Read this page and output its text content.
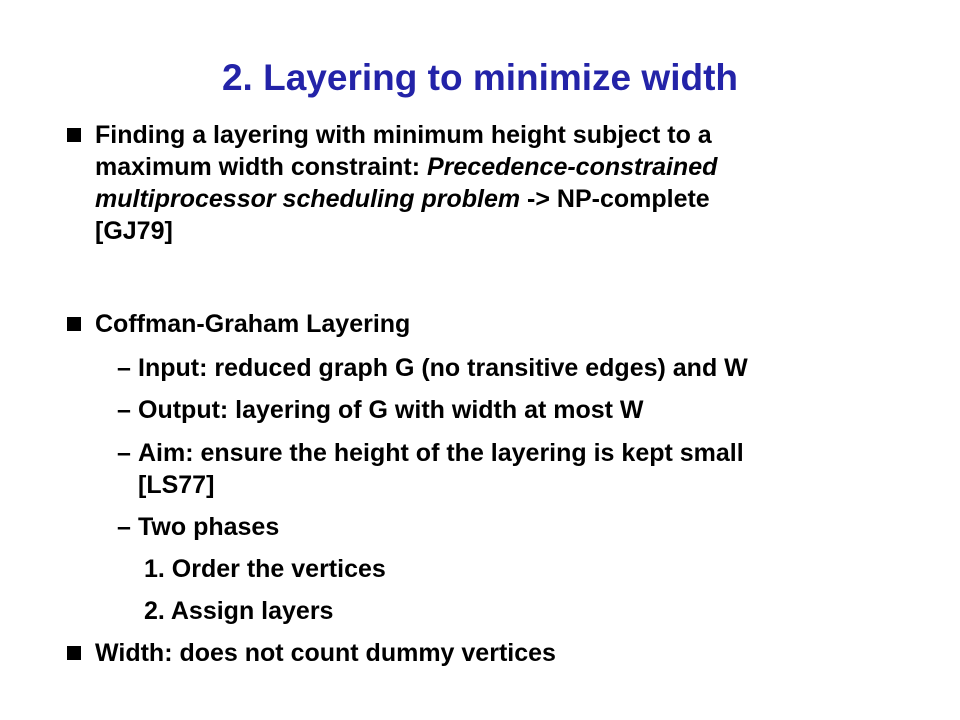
2. Layering to minimize width
Finding a layering with minimum height subject to a
maximum width constraint: Precedence-constrained
multiprocessor scheduling problem -> NP-complete
[GJ79]
Coffman-Graham Layering
– Input: reduced graph G (no transitive edges) and W
– Output: layering of G with width at most W
– Aim: ensure the height of the layering is kept small
[LS77]
– Two phases
1. Order the vertices
2. Assign layers
Width: does not count dummy vertices
